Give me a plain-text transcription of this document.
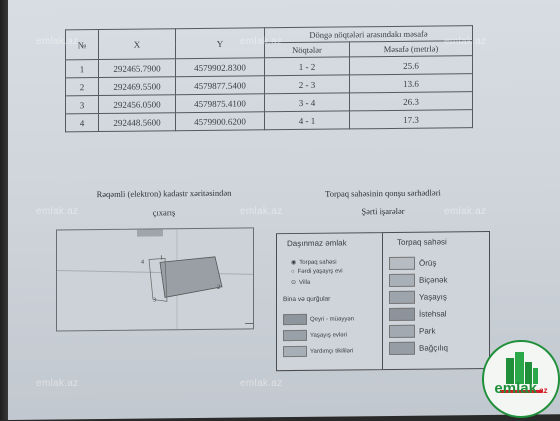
№	X	Y	Döngə nöqtələri arasındakı məsafə	
			Nöqtələr	Məsafə (metrlə)
1	292465.7900	4579902.8300	1 - 2	25.6
2	292469.5500	4579877.5400	2 - 3	13.6
3	292456.0500	4579875.4100	3 - 4	26.3
4	292448.5600	4579900.6200	4 - 1	17.3
Rəqəmli (elektron) kadastr xəritəsindən
çıxarış
Torpaq sahəsinin qonşu sərhədləri
Şərti işarələr
4
1
2
3
Daşınmaz əmlak
◉ Torpaq sahəsi
○ Fərdi yaşayış evi
⊙ Villa
Bina və qurğular
Qeyri - müəyyən
Yaşayış evləri
Yardımçı tikililəri
Torpaq sahəsi
Örüş
Biçənək
Yaşayış
İstehsal
Park
Bağçılıq
emlak.az	emlak.az	emlak.az
emlak.az	emlak.az	emlak.az
emlak.az	emlak.az	emlak.az
